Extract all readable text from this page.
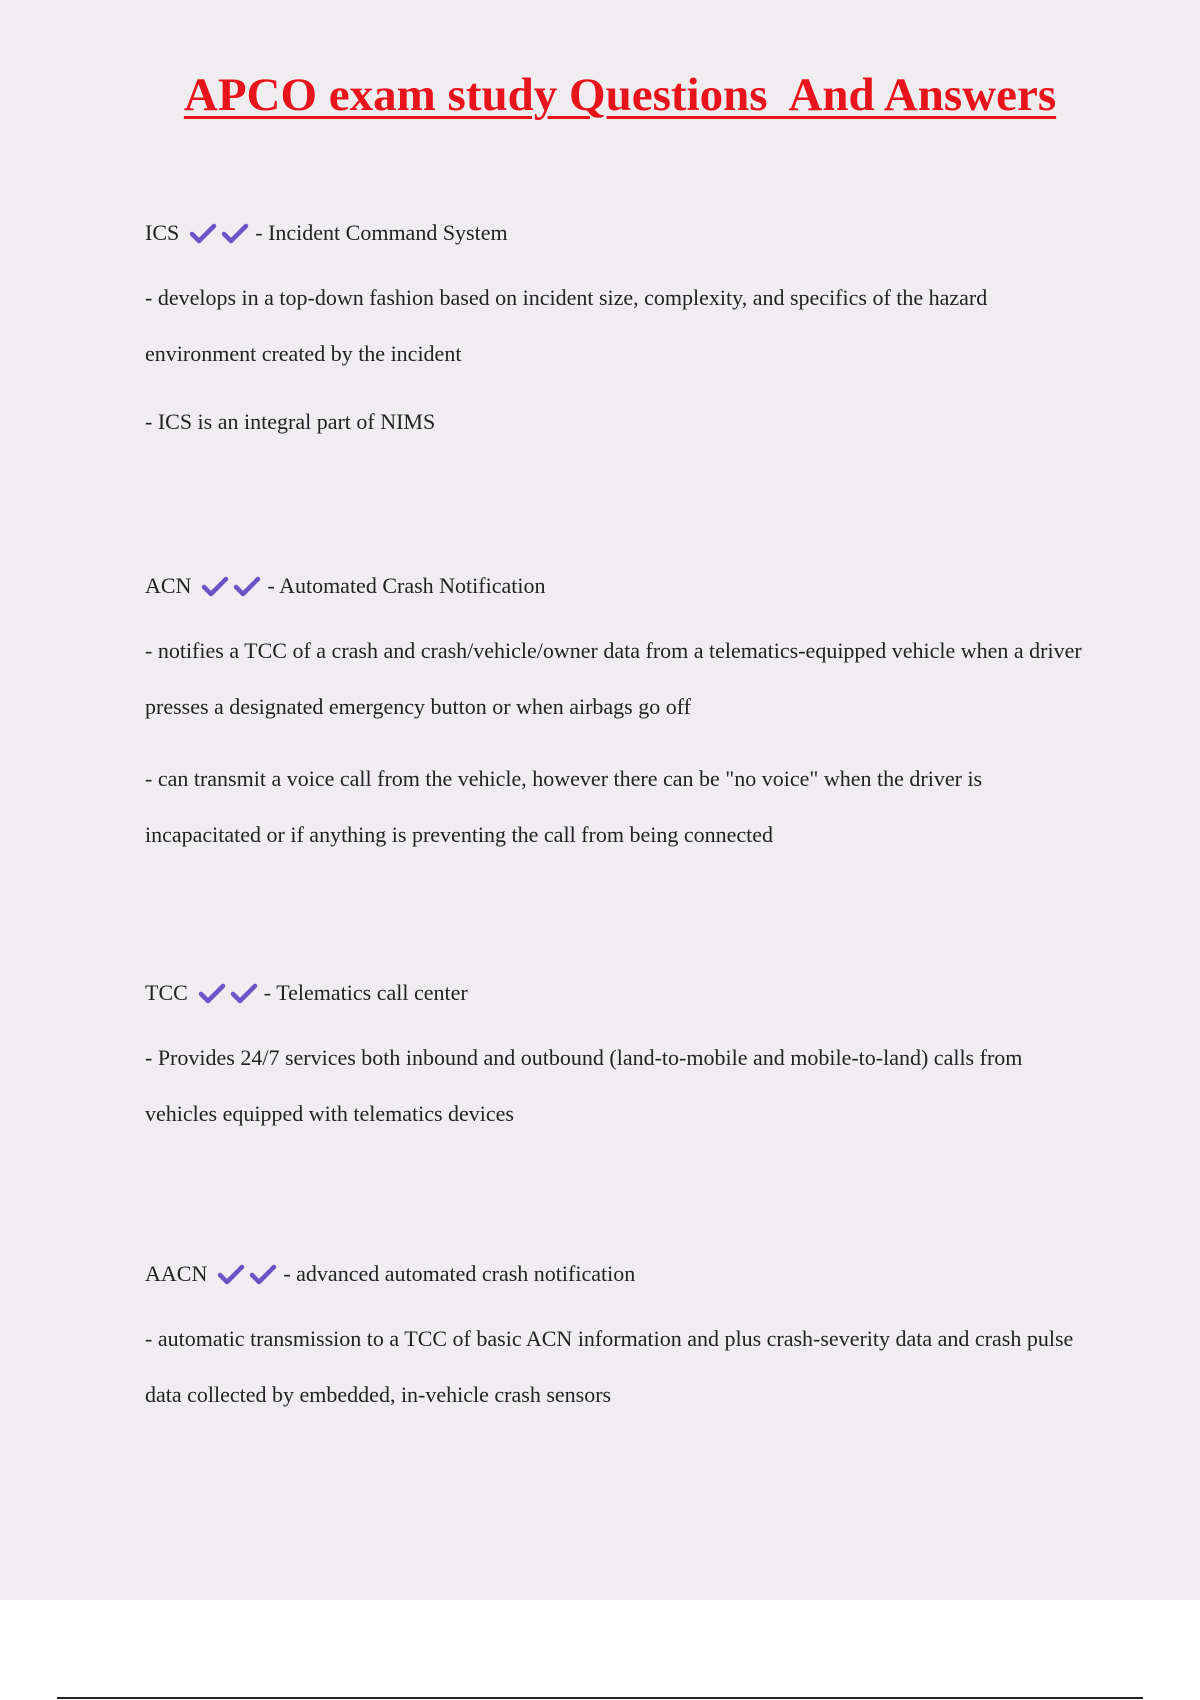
APCO exam study Questions  And Answers
ICS	- Incident Command System

- develops in a top-down fashion based on incident size, complexity, and specifics of the hazard environment created by the incident

- ICS is an integral part of NIMS

ACN	- Automated Crash Notification

- notifies a TCC of a crash and crash/vehicle/owner data from a telematics-equipped vehicle when a driver presses a designated emergency button or when airbags go off

- can transmit a voice call from the vehicle, however there can be "no voice" when the driver is incapacitated or if anything is preventing the call from being connected

TCC	- Telematics call center

- Provides 24/7 services both inbound and outbound (land-to-mobile and mobile-to-land) calls from vehicles equipped with telematics devices

AACN	- advanced automated crash notification

- automatic transmission to a TCC of basic ACN information and plus crash-severity data and crash pulse data collected by embedded, in-vehicle crash sensors
